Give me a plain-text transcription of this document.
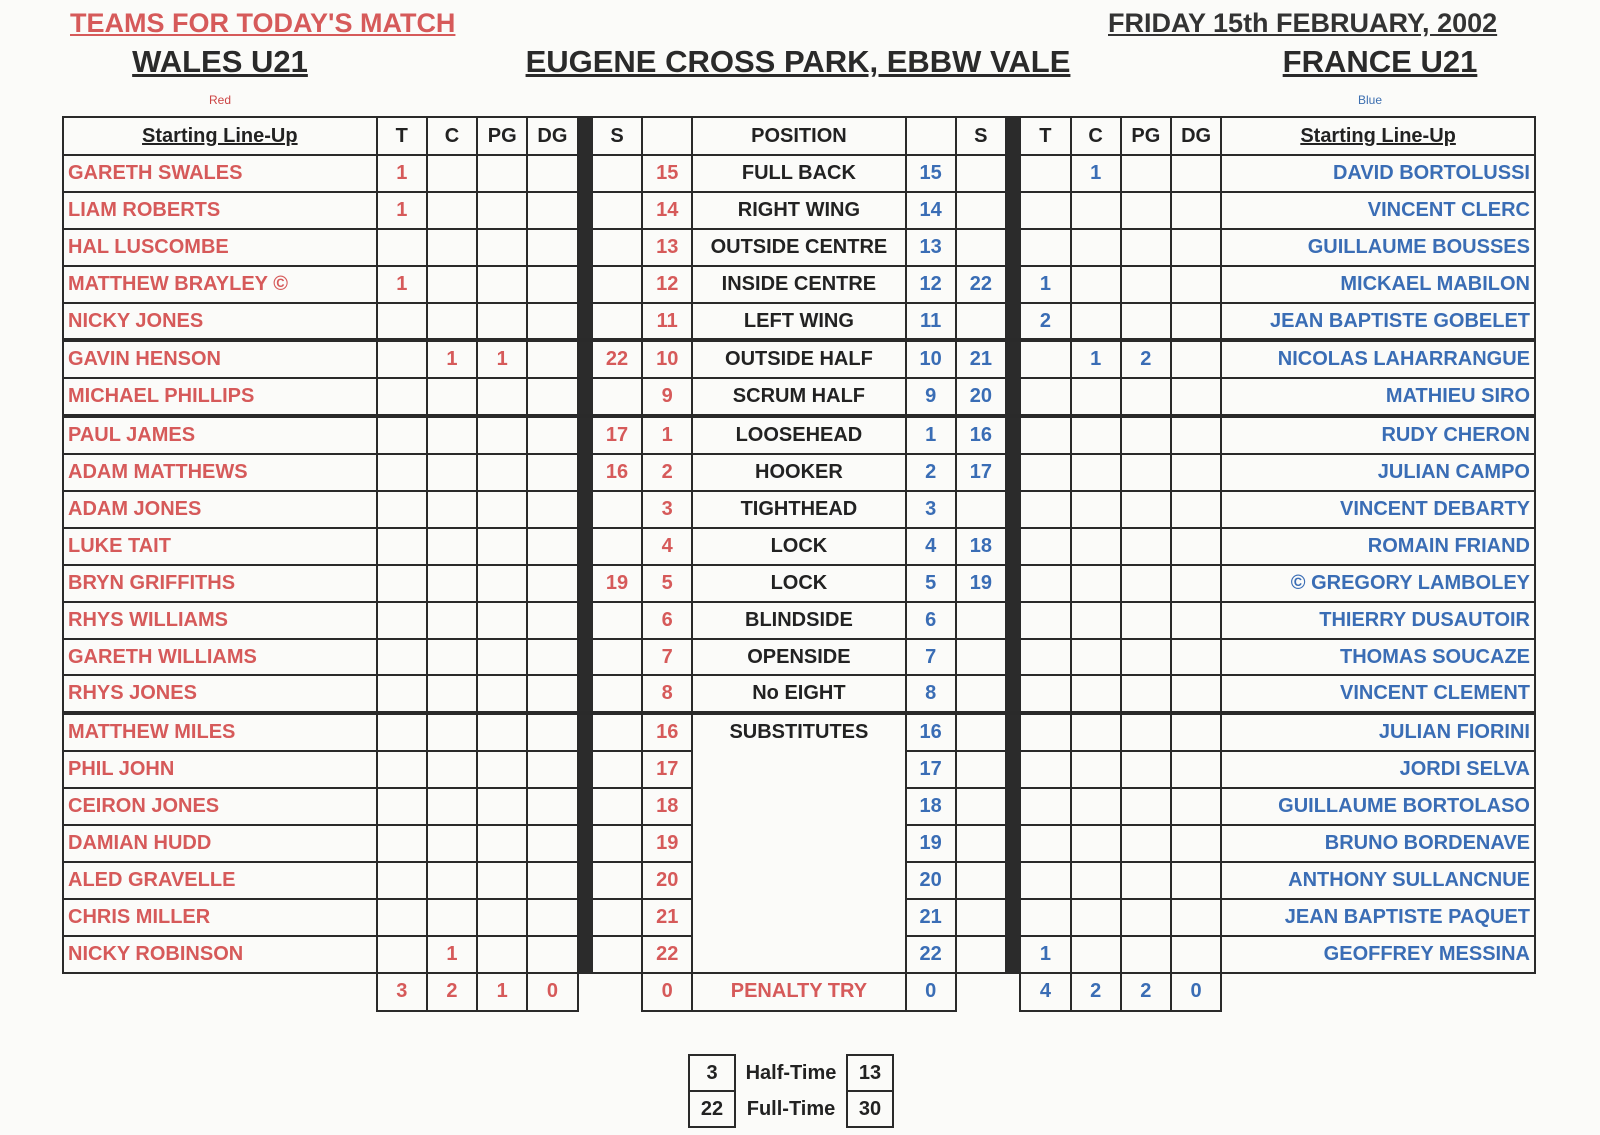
TEAMS FOR TODAY'S MATCH	FRIDAY 15th FEBRUARY, 2002
WALES U21	EUGENE CROSS PARK, EBBW VALE	FRANCE U21
Red	Blue
Starting Line-Up	T	C	PG	DG		S		POSITION		S		T	C	PG	DG	Starting Line-Up
GARETH SWALES	1						15	FULL BACK	15				1			DAVID BORTOLUSSI
LIAM ROBERTS	1						14	RIGHT WING	14							VINCENT CLERC
HAL LUSCOMBE							13	OUTSIDE CENTRE	13							GUILLAUME BOUSSES
MATTHEW BRAYLEY ©	1						12	INSIDE CENTRE	12	22		1				MICKAEL MABILON
NICKY JONES							11	LEFT WING	11			2				JEAN BAPTISTE GOBELET
GAVIN HENSON		1	1			22	10	OUTSIDE HALF	10	21			1	2		NICOLAS LAHARRANGUE
MICHAEL PHILLIPS							9	SCRUM HALF	9	20						MATHIEU SIRO
PAUL JAMES						17	1	LOOSEHEAD	1	16						RUDY CHERON
ADAM MATTHEWS						16	2	HOOKER	2	17						JULIAN CAMPO
ADAM JONES							3	TIGHTHEAD	3							VINCENT DEBARTY
LUKE TAIT							4	LOCK	4	18						ROMAIN FRIAND
BRYN GRIFFITHS						19	5	LOCK	5	19						© GREGORY LAMBOLEY
RHYS WILLIAMS							6	BLINDSIDE	6							THIERRY DUSAUTOIR
GARETH WILLIAMS							7	OPENSIDE	7							THOMAS SOUCAZE
RHYS JONES							8	No EIGHT	8							VINCENT CLEMENT
MATTHEW MILES							16	SUBSTITUTES	16							JULIAN FIORINI
PHIL JOHN							17		17							JORDI SELVA
CEIRON JONES							18		18							GUILLAUME BORTOLASO
DAMIAN HUDD							19		19							BRUNO BORDENAVE
ALED GRAVELLE							20		20							ANTHONY SULLANCNUE
CHRIS MILLER							21		21							JEAN BAPTISTE PAQUET
NICKY ROBINSON		1					22		22			1				GEOFFREY MESSINA
	3	2	1	0			0	PENALTY TRY	0			4	2	2	0	
3	Half-Time	13
22	Full-Time	30
